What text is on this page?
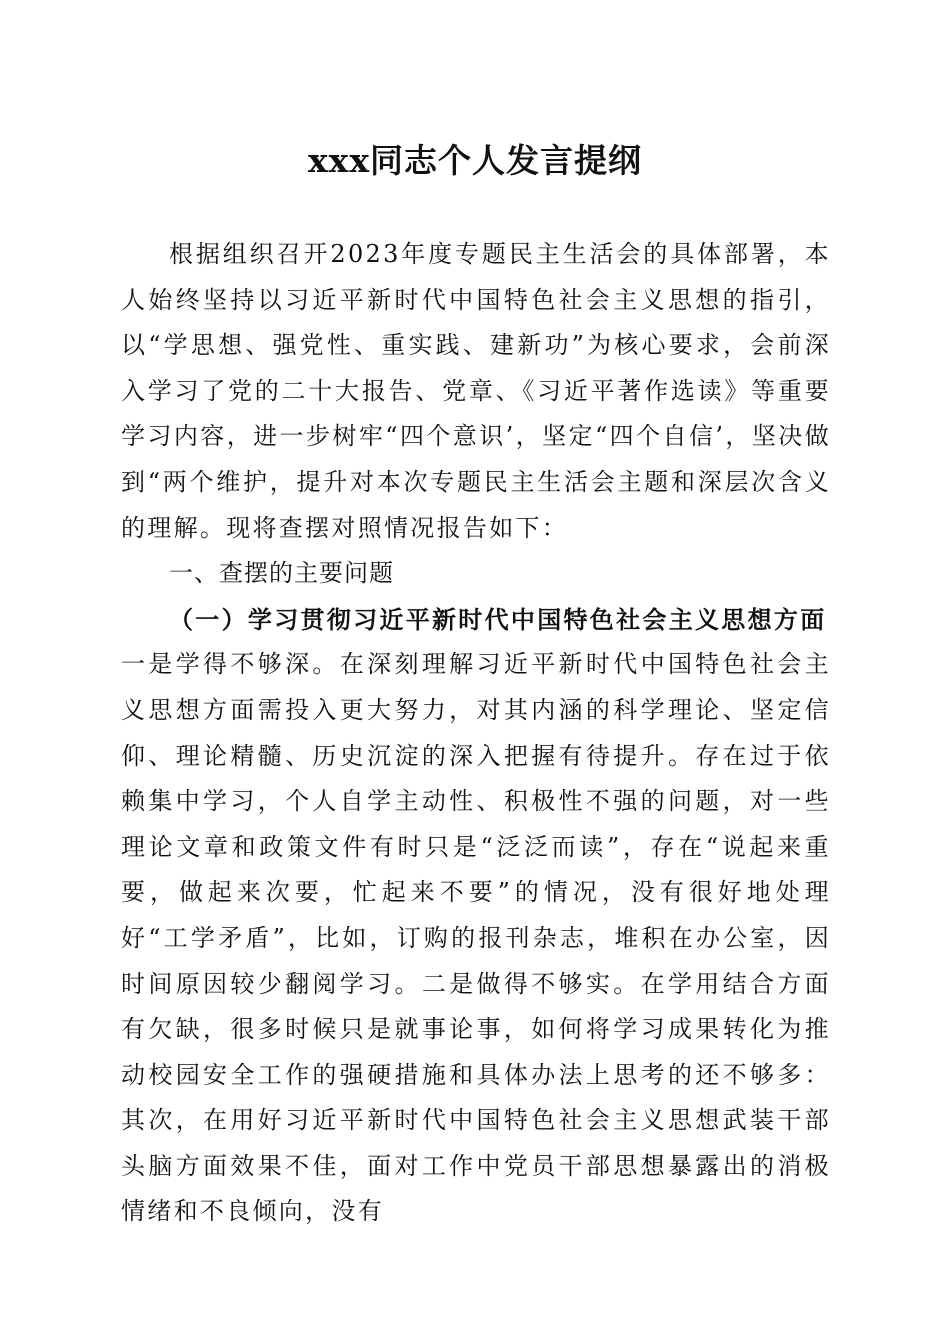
xxx同志个人发言提纲

根据组织召开2023年度专题民主生活会的具体部署，本人始终坚持以习近平新时代中国特色社会主义思想的指引，以“学思想、强党性、重实践、建新功”为核心要求，会前深入学习了党的二十大报告、党章、《习近平著作选读》等重要学习内容，进一步树牢“四个意识’，坚定“四个自信’，坚决做到“两个维护，提升对本次专题民主生活会主题和深层次含义的理解。现将查摆对照情况报告如下：

一、查摆的主要问题

（一）学习贯彻习近平新时代中国特色社会主义思想方面

一是学得不够深。在深刻理解习近平新时代中国特色社会主义思想方面需投入更大努力，对其内涵的科学理论、坚定信仰、理论精髓、历史沉淀的深入把握有待提升。存在过于依赖集中学习，个人自学主动性、积极性不强的问题，对一些理论文章和政策文件有时只是“泛泛而读”，存在“说起来重要，做起来次要，忙起来不要”的情况，没有很好地处理好“工学矛盾”，比如，订购的报刊杂志，堆积在办公室，因时间原因较少翻阅学习。二是做得不够实。在学用结合方面有欠缺，很多时候只是就事论事，如何将学习成果转化为推动校园安全工作的强硬措施和具体办法上思考的还不够多：其次，在用好习近平新时代中国特色社会主义思想武装干部头脑方面效果不佳，面对工作中党员干部思想暴露出的消极情绪和不良倾向，没有
